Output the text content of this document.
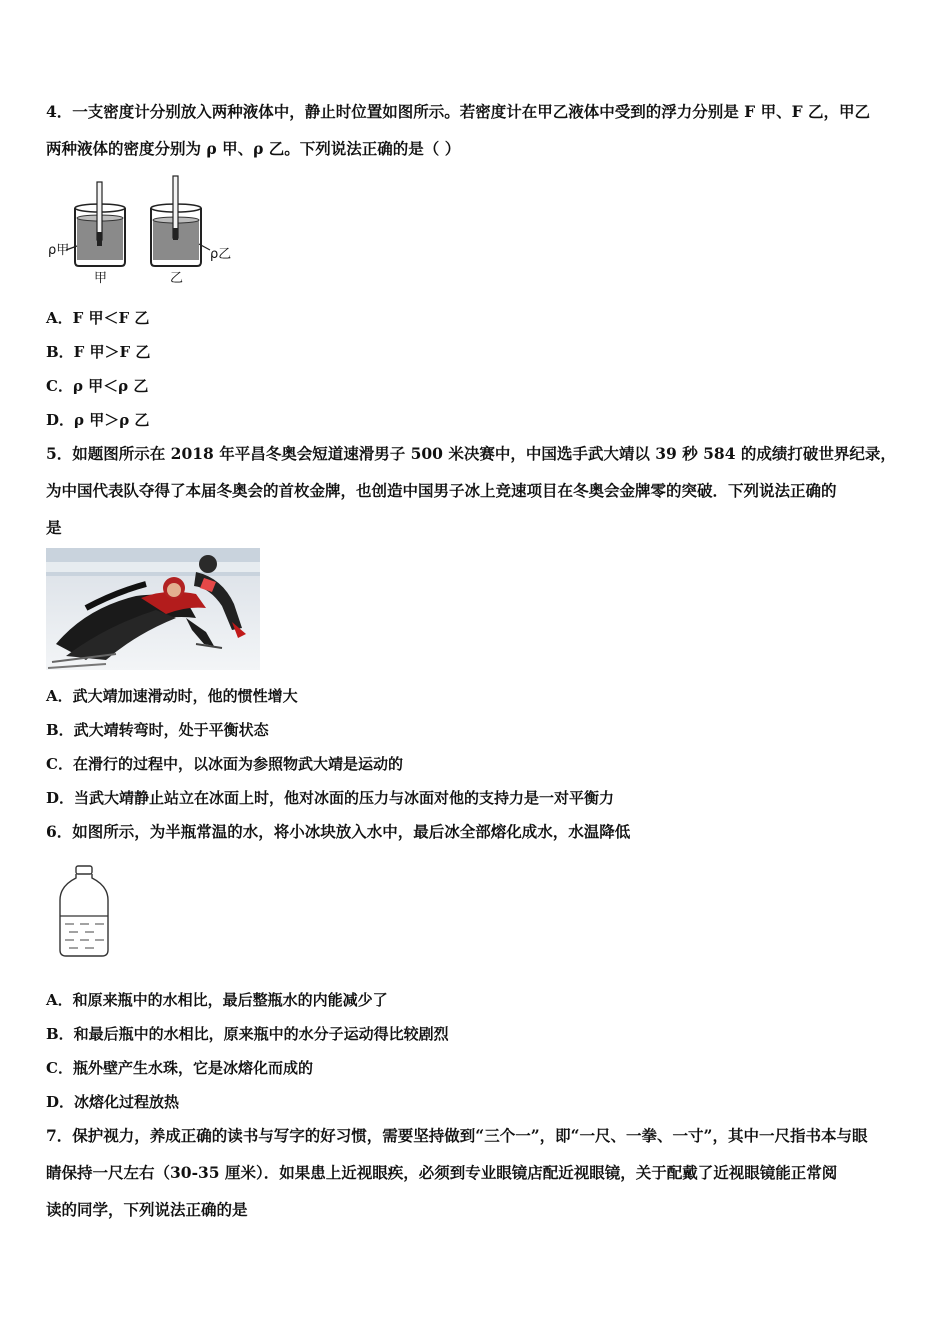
4．一支密度计分别放入两种液体中，静止时位置如图所示。若密度计在甲乙液体中受到的浮力分别是 F 甲、F 乙，甲乙
两种液体的密度分别为 ρ 甲、ρ 乙。下列说法正确的是（ ）
ρ甲
甲
ρ乙
乙
A．F 甲＜F 乙
B．F 甲＞F 乙
C．ρ 甲＜ρ 乙
D．ρ 甲＞ρ 乙
5．如题图所示在 2018 年平昌冬奥会短道速滑男子 500 米决赛中，中国选手武大靖以 39 秒 584 的成绩打破世界纪录，
为中国代表队夺得了本届冬奥会的首枚金牌，也创造中国男子冰上竞速项目在冬奥会金牌零的突破．下列说法正确的
是
A．武大靖加速滑动时，他的惯性增大
B．武大靖转弯时，处于平衡状态
C．在滑行的过程中，以冰面为参照物武大靖是运动的
D．当武大靖静止站立在冰面上时，他对冰面的压力与冰面对他的支持力是一对平衡力
6．如图所示，为半瓶常温的水，将小冰块放入水中，最后冰全部熔化成水，水温降低
A．和原来瓶中的水相比，最后整瓶水的内能减少了
B．和最后瓶中的水相比，原来瓶中的水分子运动得比较剧烈
C．瓶外壁产生水珠，它是冰熔化而成的
D．冰熔化过程放热
7．保护视力，养成正确的读书与写字的好习惯，需要坚持做到“三个一”，即“一尺、一拳、一寸”，其中一尺指书本与眼
睛保持一尺左右（30-35 厘米）．如果患上近视眼疾，必须到专业眼镜店配近视眼镜，关于配戴了近视眼镜能正常阅
读的同学，下列说法正确的是
